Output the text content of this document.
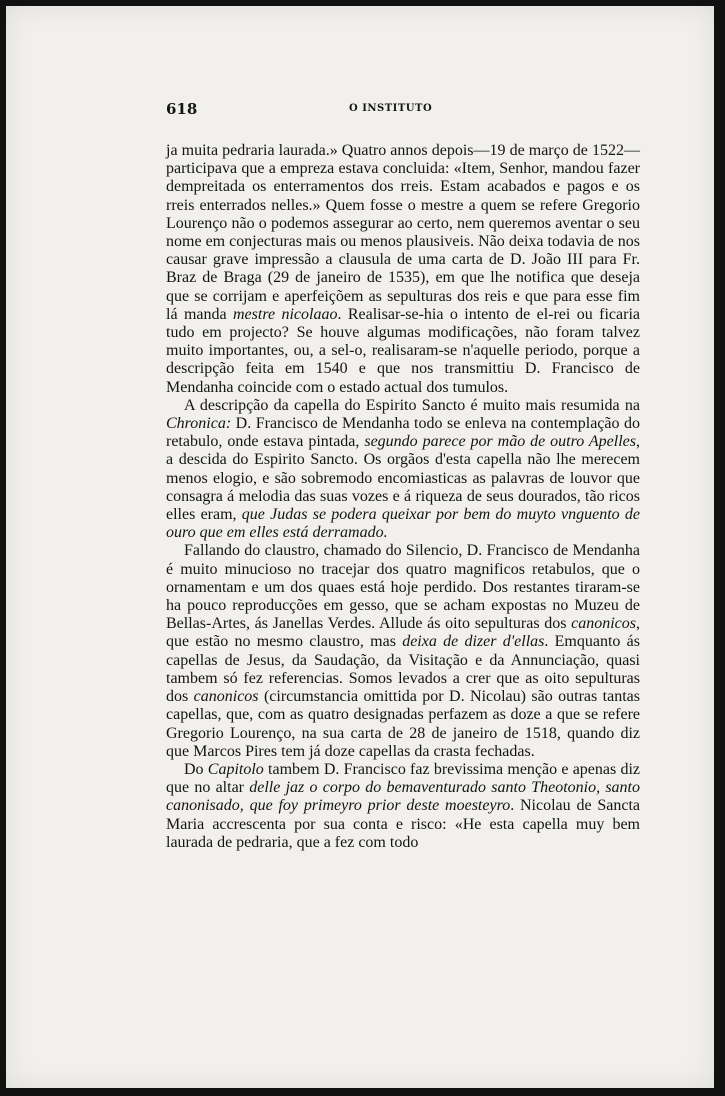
618	O INSTITUTO

ja muita pedraria laurada.» Quatro annos depois—19 de março de 1522—participava que a empreza estava concluida: «Item, Senhor, mandou fazer dempreitada os enterramentos dos rreis. Estam acabados e pagos e os rreis enterrados nelles.» Quem fosse o mestre a quem se refere Gregorio Lourenço não o podemos assegurar ao certo, nem queremos aventar o seu nome em conjecturas mais ou menos plausiveis. Não deixa todavia de nos causar grave impressão a clausula de uma carta de D. João III para Fr. Braz de Braga (29 de janeiro de 1535), em que lhe notifica que deseja que se corrijam e aperfeiçõem as sepulturas dos reis e que para esse fim lá manda mestre nicolaao. Realisar-se-hia o intento de el-rei ou ficaria tudo em projecto? Se houve algumas modificações, não foram talvez muito importantes, ou, a sel-o, realisaram-se n'aquelle periodo, porque a descripção feita em 1540 e que nos transmittiu D. Francisco de Mendanha coincide com o estado actual dos tumulos.

A descripção da capella do Espirito Sancto é muito mais resumida na Chronica: D. Francisco de Mendanha todo se enleva na contemplação do retabulo, onde estava pintada, segundo parece por mão de outro Apelles, a descida do Espirito Sancto. Os orgãos d'esta capella não lhe merecem menos elogio, e são sobremodo encomiasticas as palavras de louvor que consagra á melodia das suas vozes e á riqueza de seus dourados, tão ricos elles eram, que Judas se podera queixar por bem do muyto vnguento de ouro que em elles está derramado.

Fallando do claustro, chamado do Silencio, D. Francisco de Mendanha é muito minucioso no tracejar dos quatro magnificos retabulos, que o ornamentam e um dos quaes está hoje perdido. Dos restantes tiraram-se ha pouco reproducções em gesso, que se acham expostas no Muzeu de Bellas-Artes, ás Janellas Verdes. Allude ás oito sepulturas dos canonicos, que estão no mesmo claustro, mas deixa de dizer d'ellas. Emquanto ás capellas de Jesus, da Saudação, da Visitação e da Annunciação, quasi tambem só fez referencias. Somos levados a crer que as oito sepulturas dos canonicos (circumstancia omittida por D. Nicolau) são outras tantas capellas, que, com as quatro designadas perfazem as doze a que se refere Gregorio Lourenço, na sua carta de 28 de janeiro de 1518, quando diz que Marcos Pires tem já doze capellas da crasta fechadas.

Do Capitolo tambem D. Francisco faz brevissima menção e apenas diz que no altar delle jaz o corpo do bemaventurado santo Theotonio, santo canonisado, que foy primeyro prior deste moesteyro. Nicolau de Sancta Maria accrescenta por sua conta e risco: «He esta capella muy bem laurada de pedraria, que a fez com todo
